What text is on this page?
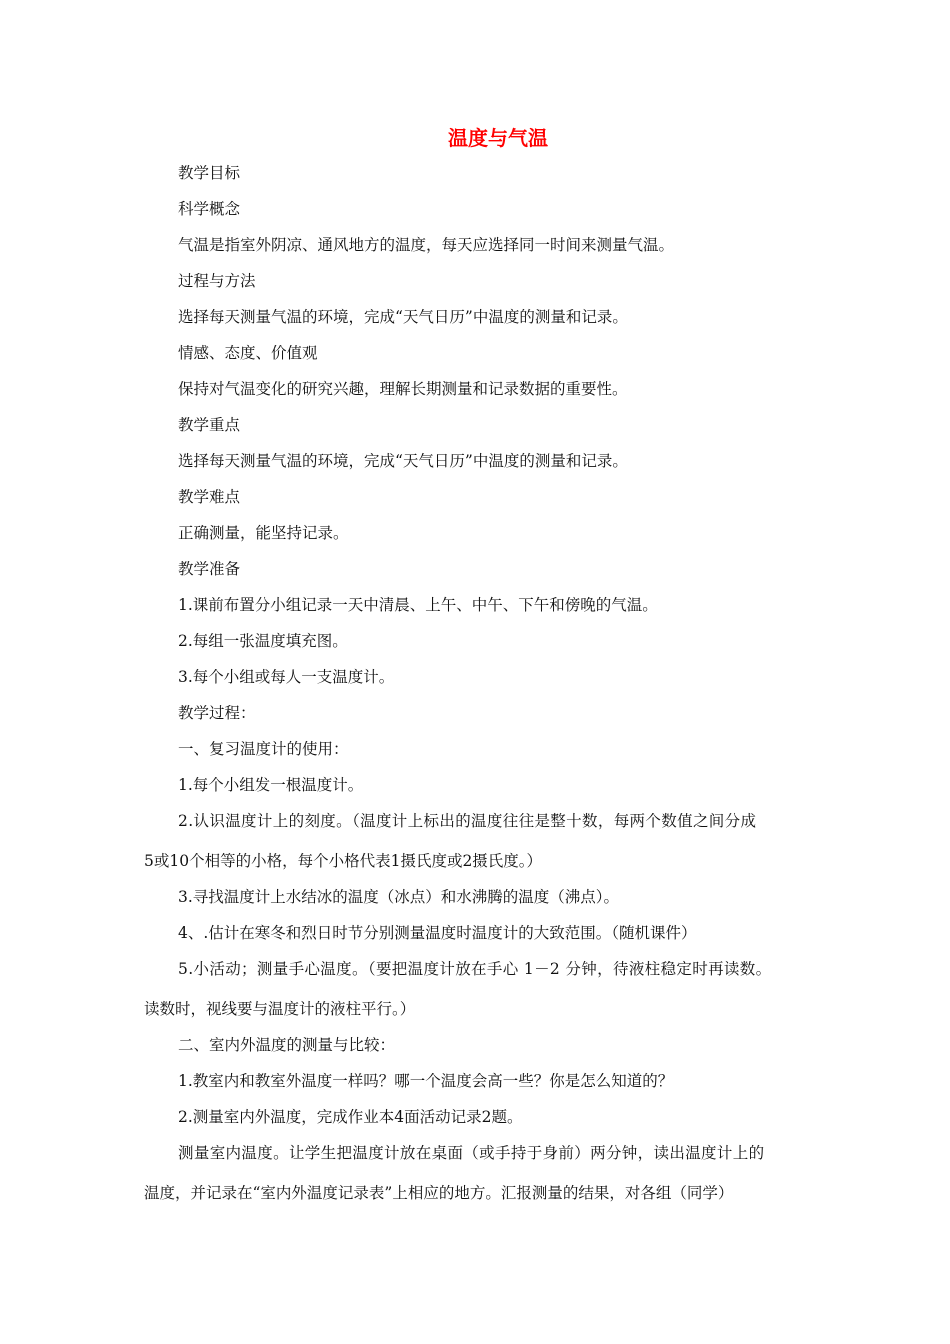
温度与气温
教学目标
科学概念
气温是指室外阴凉、通风地方的温度，每天应选择同一时间来测量气温。
过程与方法
选择每天测量气温的环境，完成“天气日历”中温度的测量和记录。
情感、态度、价值观
保持对气温变化的研究兴趣，理解长期测量和记录数据的重要性。
教学重点
选择每天测量气温的环境，完成“天气日历”中温度的测量和记录。
教学难点
正确测量，能坚持记录。
教学准备
1.课前布置分小组记录一天中清晨、上午、中午、下午和傍晚的气温。
2.每组一张温度填充图。
3.每个小组或每人一支温度计。
教学过程：
一、复习温度计的使用：
1.每个小组发一根温度计。
2.认识温度计上的刻度。（温度计上标出的温度往往是整十数，每两个数值之间分成
5或10个相等的小格，每个小格代表1摄氏度或2摄氏度。）
3.寻找温度计上水结冰的温度（冰点）和水沸腾的温度（沸点）。
4、.估计在寒冬和烈日时节分别测量温度时温度计的大致范围。（随机课件）
5.小活动；测量手心温度。（要把温度计放在手心 1－2 分钟，待液柱稳定时再读数。
读数时，视线要与温度计的液柱平行。）
二、室内外温度的测量与比较：
1.教室内和教室外温度一样吗？哪一个温度会高一些？你是怎么知道的？
2.测量室内外温度，完成作业本4面活动记录2题。
测量室内温度。让学生把温度计放在桌面（或手持于身前）两分钟，读出温度计上的
温度，并记录在“室内外温度记录表”上相应的地方。汇报测量的结果，对各组（同学）
